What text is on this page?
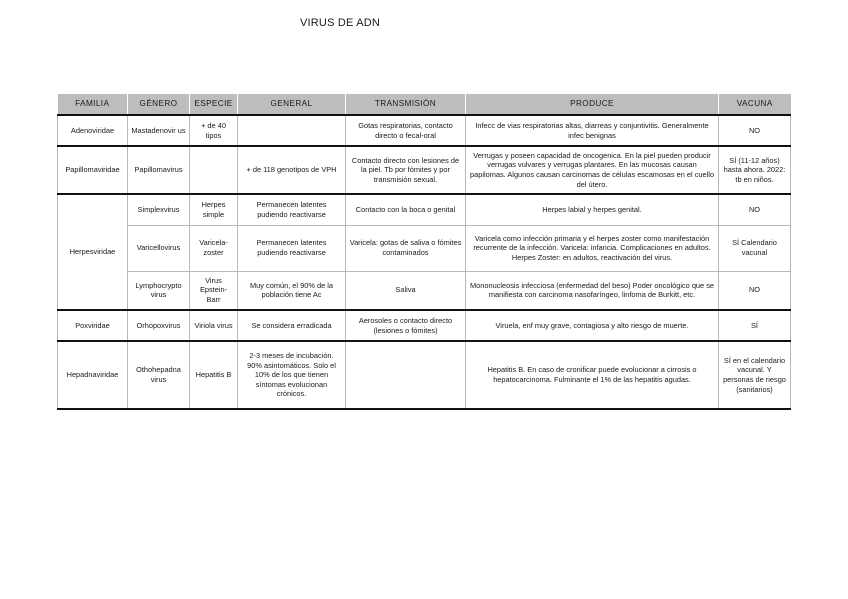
VIRUS DE ADN
FAMILIA	GÉNERO	ESPECIE	GENERAL	TRANSMISIÓN	PRODUCE	VACUNA
Adenoviridae	Mastadenovir us	+ de 40 tipos		Gotas respiratorias, contacto directo o fecal-oral	Infecc de vias respiratorias altas, diarreas y conjuntivitis. Generalmente infec benignas	NO
Papillomaviridae	Papillomavirus		+ de 118 genotipos de VPH	Contacto directo con lesiones de la piel. Tb por fómites y por transmisión sexual.	Verrugas y poseen capacidad de oncogenica. En la piel pueden producir verrugas vulvares y verrugas plantares. En las mucosas causan papilomas. Algunos causan carcinomas de células escamosas en el cuello del útero.	SÍ (11-12 años) hasta ahora. 2022: tb en niños.
Herpesviridae	Simplexvirus	Herpes simple	Permanecen latentes pudiendo reactivarse	Contacto con la boca o genital	Herpes labial y herpes genital.	NO
	Varicellovirus	Varicela-zoster	Permanecen latentes pudiendo reactivarse	Varicela: gotas de saliva o fómites contaminados	Varicela como infección primaria y el herpes zoster como manifestación recurrente de la infección. Varicela: infancia. Complicaciones en adultos. Herpes Zoster: en adultos, reactivación del virus.	SÍ Calendario vacunal
	Lymphocrypto virus	Virus Epstein-Barr	Muy común, el 90% de la población tiene Ac	Saliva	Mononucleosis infecciosa (enfermedad del beso) Poder oncológico que se manifiesta con carcinoma nasofaríngeo, linfoma de Burkitt, etc.	NO
Poxviridae	Orhopoxvirus	Viriola virus	Se considera erradicada	Aerosoles o contacto directo (lesiones o fómites)	Viruela, enf muy grave, contagiosa y alto riesgo de muerte.	SÍ
Hepadnaviridae	Othohepadna virus	Hepatitis B	2-3 meses de incubación. 90% asintomáticos. Solo el 10% de los que tienen síntomas evolucionan crónicos.		Hepatitis B. En caso de cronificar puede evolucionar a cirrosis o hepatocarcinoma. Fulminante el 1% de las hepatitis agudas.	SÍ en el calendario vacunal. Y personas de riesgo (sanitarios)
